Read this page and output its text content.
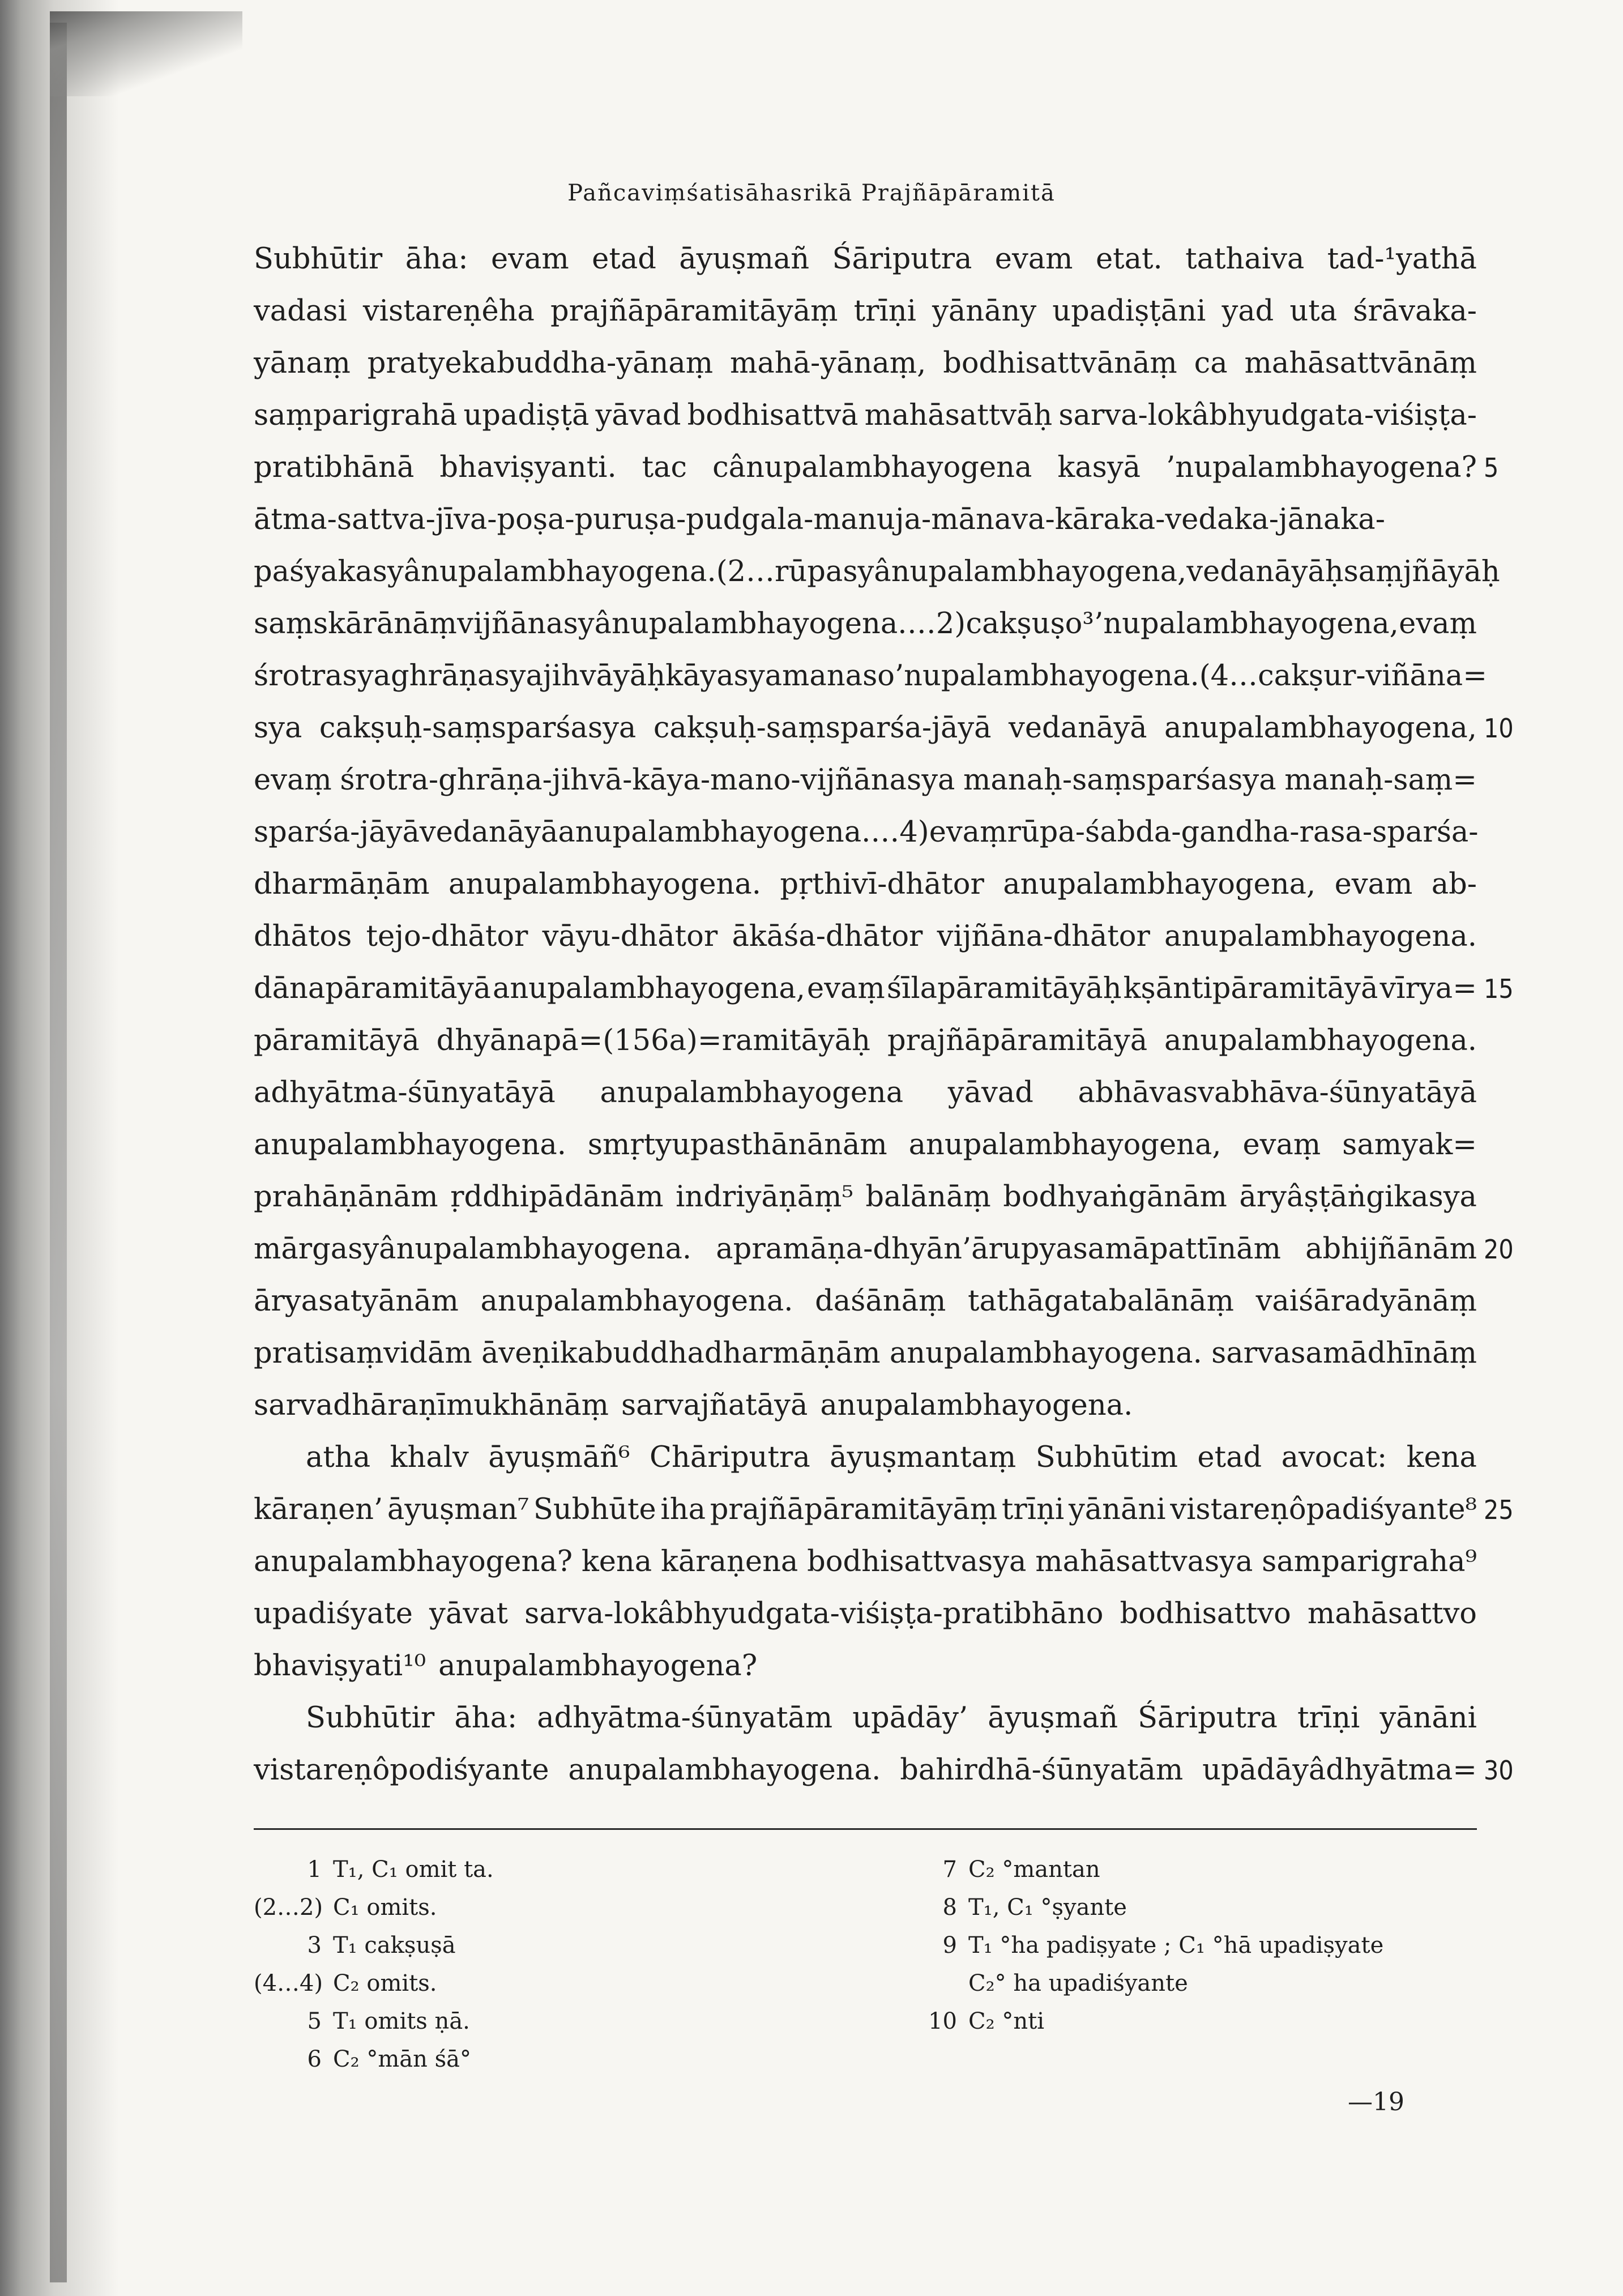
Pañcaviṃśatisāhasrikā Prajñāpāramitā
Subhūtir āha: evam etad āyuṣmañ Śāriputra evam etat. tathaiva tad-¹yathā
vadasi vistareṇêha prajñāpāramitāyāṃ trīṇi yānāny upadiṣṭāni yad uta śrāvaka-
yānaṃ pratyekabuddha-yānaṃ mahā-yānaṃ, bodhisattvānāṃ ca mahāsattvānāṃ
saṃparigrahā upadiṣṭā yāvad bodhisattvā mahāsattvāḥ sarva-lokâbhyudgata-viśiṣṭa-
pratibhānā bhaviṣyanti. tac cânupalambhayogena kasyā ’nupalambhayogena? 5
ātma-sattva-jīva-poṣa-puruṣa-pudgala-manuja-mānava-kāraka-vedaka-jānaka-
paśyakasyânupalambhayogena. (2… rūpasyânupalambhayogena, vedanāyāḥ saṃjñāyāḥ
saṃskārānāṃ vijñānasyânupalambhayogena. …2) cakṣuṣo³ ’nupalambhayogena, evaṃ
śrotrasya ghrāṇasya jihvāyāḥ kāyasya manaso ’nupalambhayogena. (4… cakṣur-viñāna=
sya cakṣuḥ-saṃsparśasya cakṣuḥ-saṃsparśa-jāyā vedanāyā anupalambhayogena, 10
evaṃ śrotra-ghrāṇa-jihvā-kāya-mano-vijñānasya manaḥ-saṃsparśasya manaḥ-saṃ=
sparśa-jāyā vedanāyā anupalambhayogena. …4) evaṃ rūpa-śabda-gandha-rasa-sparśa-
dharmāṇām anupalambhayogena. pṛthivī-dhātor anupalambhayogena, evam ab-
dhātos tejo-dhātor vāyu-dhātor ākāśa-dhātor vijñāna-dhātor anupalambhayogena.
dānapāramitāyā anupalambhayogena, evaṃ śīlapāramitāyāḥ kṣāntipāramitāyā vīrya= 15
pāramitāyā dhyānapā=(156a)=ramitāyāḥ prajñāpāramitāyā anupalambhayogena.
adhyātma-śūnyatāyā anupalambhayogena yāvad abhāvasvabhāva-śūnyatāyā
anupalambhayogena. smṛtyupasthānānām anupalambhayogena, evaṃ samyak=
prahāṇānām ṛddhipādānām indriyāṇāṃ⁵ balānāṃ bodhyaṅgānām āryâṣṭāṅgikasya
mārgasyânupalambhayogena. apramāṇa-dhyān’ārupyasamāpattīnām abhijñānām 20
āryasatyānām anupalambhayogena. daśānāṃ tathāgatabalānāṃ vaiśāradyānāṃ
pratisaṃvidām āveṇikabuddhadharmāṇām anupalambhayogena. sarvasamādhīnāṃ
sarvadhāraṇīmukhānāṃ sarvajñatāyā anupalambhayogena.
atha khalv āyuṣmāñ⁶ Chāriputra āyuṣmantaṃ Subhūtim etad avocat: kena
kāraṇen’ āyuṣman⁷ Subhūte iha prajñāpāramitāyāṃ trīṇi yānāni vistareṇôpadiśyante⁸ 25
anupalambhayogena? kena kāraṇena bodhisattvasya mahāsattvasya samparigraha⁹
upadiśyate yāvat sarva-lokâbhyudgata-viśiṣṭa-pratibhāno bodhisattvo mahāsattvo
bhaviṣyati¹⁰ anupalambhayogena?
Subhūtir āha: adhyātma-śūnyatām upādāy’ āyuṣmañ Śāriputra trīṇi yānāni
vistareṇôpodiśyante anupalambhayogena. bahirdhā-śūnyatām upādāyâdhyātma= 30
1 T₁, C₁ omit ta.
(2…2) C₁ omits.
3 T₁ cakṣuṣā
(4…4) C₂ omits.
5 T₁ omits ṇā.
6 C₂ °mān śā°
7 C₂ °mantan
8 T₁, C₁ °ṣyante
9 T₁ °ha padiṣyate ; C₁ °hā upadiṣyate
C₂° ha upadiśyante
10 C₂ °nti
—19
